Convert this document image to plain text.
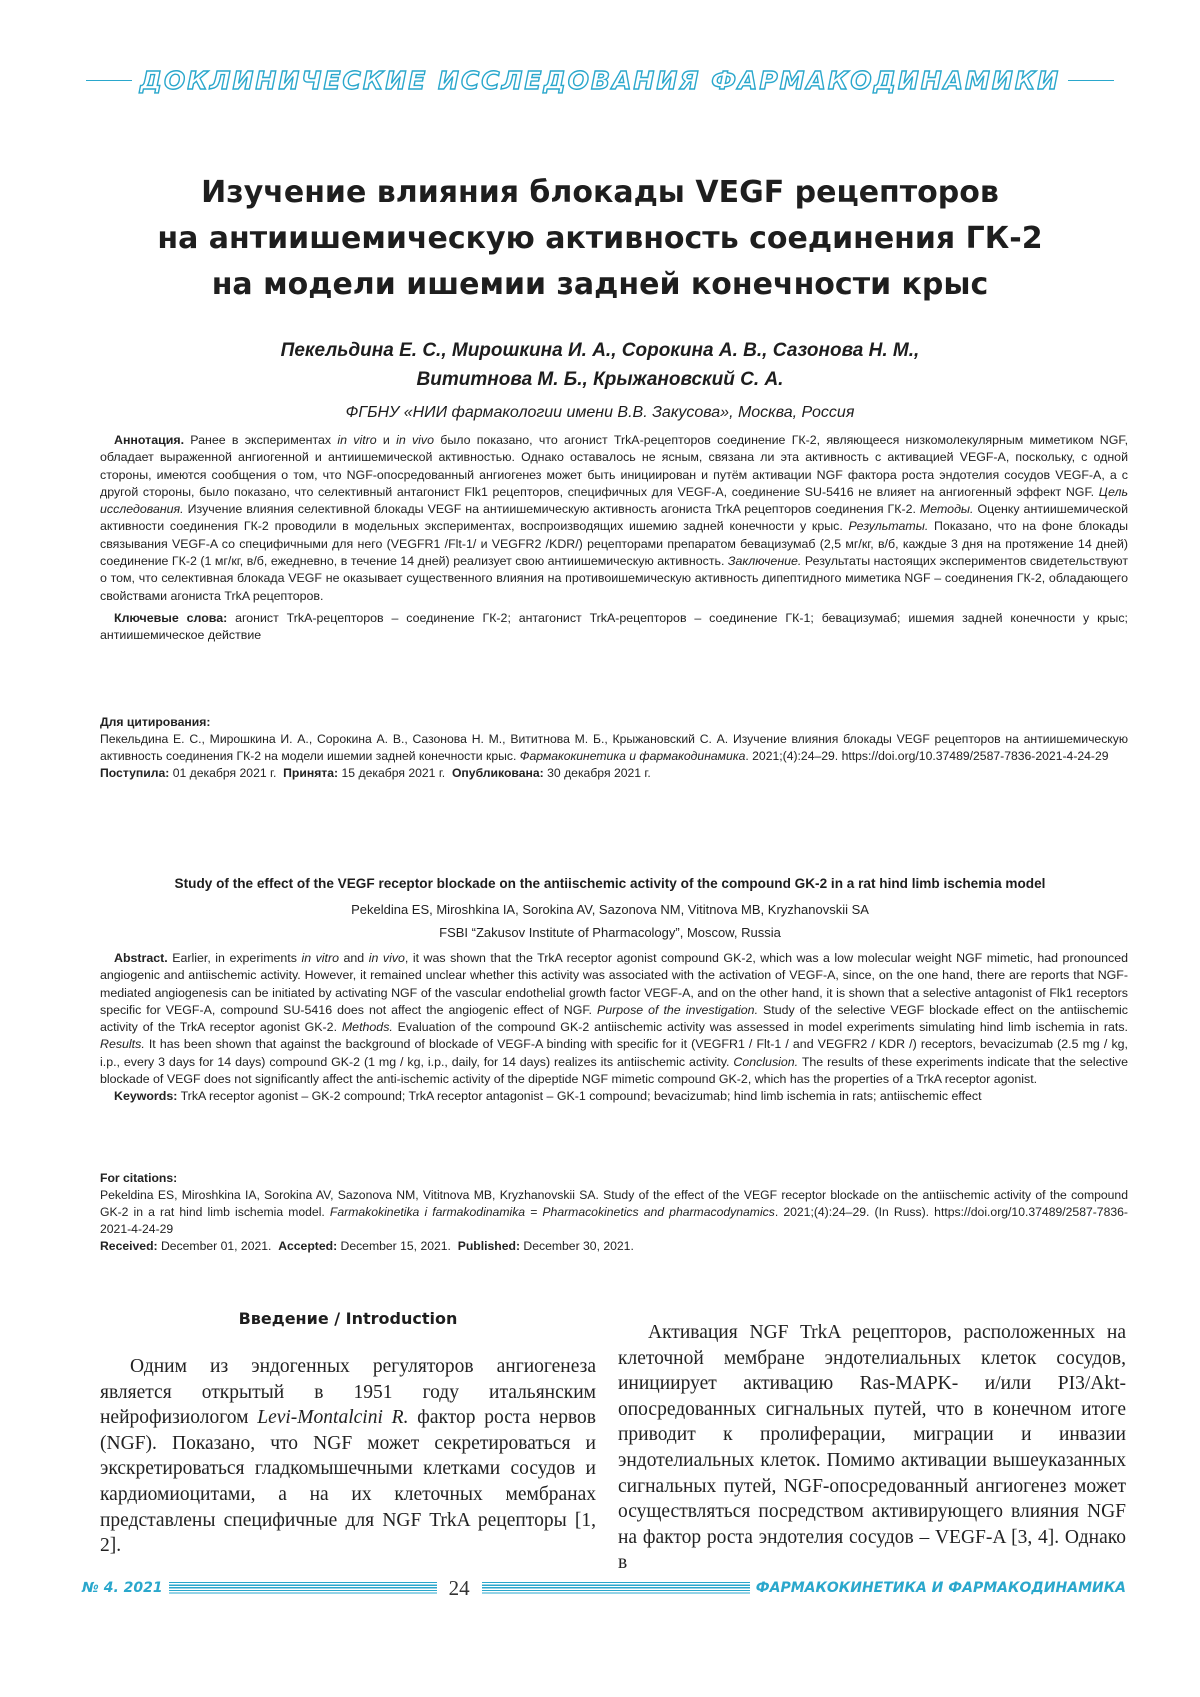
ДОКЛИНИЧЕСКИЕ ИССЛЕДОВАНИЯ ФАРМАКОДИНАМИКИ
Изучение влияния блокады VEGF рецепторов
на антиишемическую активность соединения ГК-2
на модели ишемии задней конечности крыс
Пекельдина Е. С., Мирошкина И. А., Сорокина А. В., Сазонова Н. М.,
Вититнова М. Б., Крыжановский С. А.
ФГБНУ «НИИ фармакологии имени В.В. Закусова», Москва, Россия

Аннотация. Ранее в экспериментах in vitro и in vivo было показано, что агонист TrkA-рецепторов соединение ГК-2, являющееся низкомолекулярным миметиком NGF, обладает выраженной ангиогенной и антиишемической активностью. Однако оставалось не ясным, связана ли эта активность с активацией VEGF-A, поскольку, с одной стороны, имеются сообщения о том, что NGF-опосредованный ангиогенез может быть инициирован и путём активации NGF фактора роста эндотелия сосудов VEGF-A, а с другой стороны, было показано, что селективный антагонист Flk1 рецепторов, специфичных для VEGF-A, соединение SU-5416 не влияет на ангиогенный эффект NGF. Цель исследования. Изучение влияния селективной блокады VEGF на антиишемическую активность агониста TrkA рецепторов соединения ГК-2. Методы. Оценку антиишемической активности соединения ГК-2 проводили в модельных экспериментах, воспроизводящих ишемию задней конечности у крыс. Результаты. Показано, что на фоне блокады связывания VEGF-A со специфичными для него (VEGFR1 /Flt-1/ и VEGFR2 /KDR/) рецепторами препаратом бевацизумаб (2,5 мг/кг, в/б, каждые 3 дня на протяжение 14 дней) соединение ГК-2 (1 мг/кг, в/б, ежедневно, в течение 14 дней) реализует свою антиишемическую активность. Заключение. Результаты настоящих экспериментов свидетельствуют о том, что селективная блокада VEGF не оказывает существенного влияния на противоишемическую активность дипептидного миметика NGF – соединения ГК-2, обладающего свойствами агониста TrkA рецепторов.

Ключевые слова: агонист TrkA-рецепторов – соединение ГК-2; антагонист TrkA-рецепторов – соединение ГК-1; бевацизумаб; ишемия задней конечности у крыс; антиишемическое действие

Для цитирования:

Пекельдина Е. С., Мирошкина И. А., Сорокина А. В., Сазонова Н. М., Вититнова М. Б., Крыжановский С. А. Изучение влияния блокады VEGF рецепторов на антиишемическую активность соединения ГК-2 на модели ишемии задней конечности крыс. Фармакокинетика и фармакодинамика. 2021;(4):24–29. https://doi.org/10.37489/2587-7836-2021-4-24-29

Поступила: 01 декабря 2021 г. Принята: 15 декабря 2021 г. Опубликована: 30 декабря 2021 г.

Study of the effect of the VEGF receptor blockade on the antiischemic activity of the compound GK-2 in a rat hind limb ischemia model
Pekeldina ES, Miroshkina IA, Sorokina AV, Sazonova NM, Vititnova MB, Kryzhanovskii SA
FSBI “Zakusov Institute of Pharmacology”, Moscow, Russia

Abstract. Earlier, in experiments in vitro and in vivo, it was shown that the TrkA receptor agonist compound GK-2, which was a low molecular weight NGF mimetic, had pronounced angiogenic and antiischemic activity. However, it remained unclear whether this activity was associated with the activation of VEGF-A, since, on the one hand, there are reports that NGF-mediated angiogenesis can be initiated by activating NGF of the vascular endothelial growth factor VEGF-A, and on the other hand, it is shown that a selective antagonist of Flk1 receptors specific for VEGF-A, compound SU-5416 does not affect the angiogenic effect of NGF. Purpose of the investigation. Study of the selective VEGF blockade effect on the antiischemic activity of the TrkA receptor agonist GK-2. Methods. Evaluation of the compound GK-2 antiischemic activity was assessed in model experiments simulating hind limb ischemia in rats. Results. It has been shown that against the background of blockade of VEGF-A binding with specific for it (VEGFR1 / Flt-1 / and VEGFR2 / KDR /) receptors, bevacizumab (2.5 mg / kg, i.p., every 3 days for 14 days) compound GK-2 (1 mg / kg, i.p., daily, for 14 days) realizes its antiischemic activity. Conclusion. The results of these experiments indicate that the selective blockade of VEGF does not significantly affect the anti-ischemic activity of the dipeptide NGF mimetic compound GK-2, which has the properties of a TrkA receptor agonist.

Keywords: TrkA receptor agonist – GK-2 compound; TrkA receptor antagonist – GK-1 compound; bevacizumab; hind limb ischemia in rats; antiischemic effect

For citations:

Pekeldina ES, Miroshkina IA, Sorokina AV, Sazonova NM, Vititnova MB, Kryzhanovskii SA. Study of the effect of the VEGF receptor blockade on the antiischemic activity of the compound GK-2 in a rat hind limb ischemia model. Farmakokinetika i farmakodinamika = Pharmacokinetics and pharmacodynamics. 2021;(4):24–29. (In Russ). https://doi.org/10.37489/2587-7836-2021-4-24-29

Received: December 01, 2021. Accepted: December 15, 2021. Published: December 30, 2021.

Введение / Introduction

Одним из эндогенных регуляторов ангиогенеза является открытый в 1951 году итальянским нейрофизиологом Levi-Montalcini R. фактор роста нервов (NGF). Показано, что NGF может секретироваться и экскретироваться гладкомышечными клетками сосудов и кардиомиоцитами, а на их клеточных мембранах представлены специфичные для NGF TrkA рецепторы [1, 2].

Активация NGF TrkA рецепторов, расположенных на клеточной мембране эндотелиальных клеток сосудов, инициирует активацию Ras-MAPK- и/или PI3/Akt-опосредованных сигнальных путей, что в конечном итоге приводит к пролиферации, миграции и инвазии эндотелиальных клеток. Помимо активации вышеуказанных сигнальных путей, NGF-опосредованный ангиогенез может осуществляться посредством активирующего влияния NGF на фактор роста эндотелия сосудов – VEGF-A [3, 4]. Однако в

№ 4. 2021	24	ФАРМАКОКИНЕТИКА И ФАРМАКОДИНАМИКА
